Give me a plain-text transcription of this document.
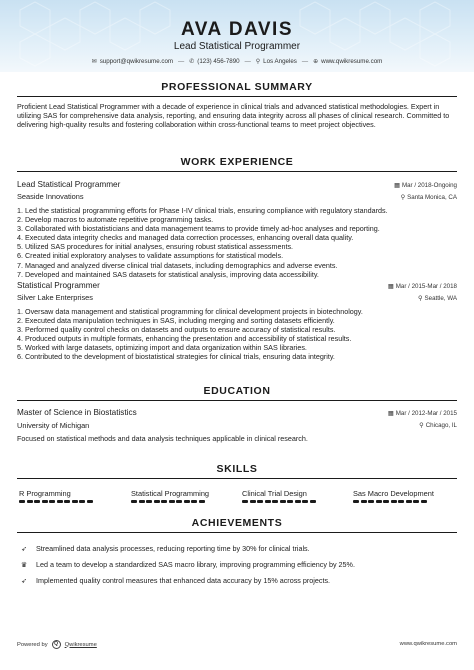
AVA DAVIS
Lead Statistical Programmer
✉ support@qwikresume.com — ✆ (123) 456-7890 — ⚲ Los Angeles — ⊕ www.qwikresume.com
PROFESSIONAL SUMMARY
Proficient Lead Statistical Programmer with a decade of experience in clinical trials and advanced statistical methodologies. Expert in utilizing SAS for comprehensive data analysis, reporting, and ensuring data integrity across all phases of clinical research. Committed to delivering high-quality results and fostering collaboration within cross-functional teams to meet project objectives.
WORK EXPERIENCE
Lead Statistical Programmer	▦ Mar / 2018-Ongoing
Seaside Innovations	⚲ Santa Monica, CA
1. Led the statistical programming efforts for Phase I-IV clinical trials, ensuring compliance with regulatory standards.
2. Develop macros to automate repetitive programming tasks.
3. Collaborated with biostatisticians and data management teams to provide timely ad-hoc analyses and reporting.
4. Executed data integrity checks and managed data correction processes, enhancing overall data quality.
5. Utilized SAS procedures for initial analyses, ensuring robust statistical assessments.
6. Created initial exploratory analyses to validate assumptions for statistical models.
7. Managed and analyzed diverse clinical trial datasets, including demographics and adverse events.
7. Developed and maintained SAS datasets for statistical analysis, improving data accessibility.
Statistical Programmer	▦ Mar / 2015-Mar / 2018
Silver Lake Enterprises	⚲ Seattle, WA
1. Oversaw data management and statistical programming for clinical development projects in biotechnology.
2. Executed data manipulation techniques in SAS, including merging and sorting datasets efficiently.
3. Performed quality control checks on datasets and outputs to ensure accuracy of statistical results.
4. Produced outputs in multiple formats, enhancing the presentation and accessibility of statistical results.
5. Worked with large datasets, optimizing import and data organization within SAS libraries.
6. Contributed to the development of biostatistical strategies for clinical trials, ensuring data integrity.
EDUCATION
Master of Science in Biostatistics	▦ Mar / 2012-Mar / 2015
University of Michigan	⚲ Chicago, IL
Focused on statistical methods and data analysis techniques applicable in clinical research.
SKILLS
R Programming	Statistical Programming	Clinical Trial Design	Sas Macro Development
ACHIEVEMENTS
➶ Streamlined data analysis processes, reducing reporting time by 30% for clinical trials.
♛ Led a team to develop a standardized SAS macro library, improving programming efficiency by 25%.
➶ Implemented quality control measures that enhanced data accuracy by 15% across projects.
Powered by	Q	Qwikresume	www.qwikresume.com
